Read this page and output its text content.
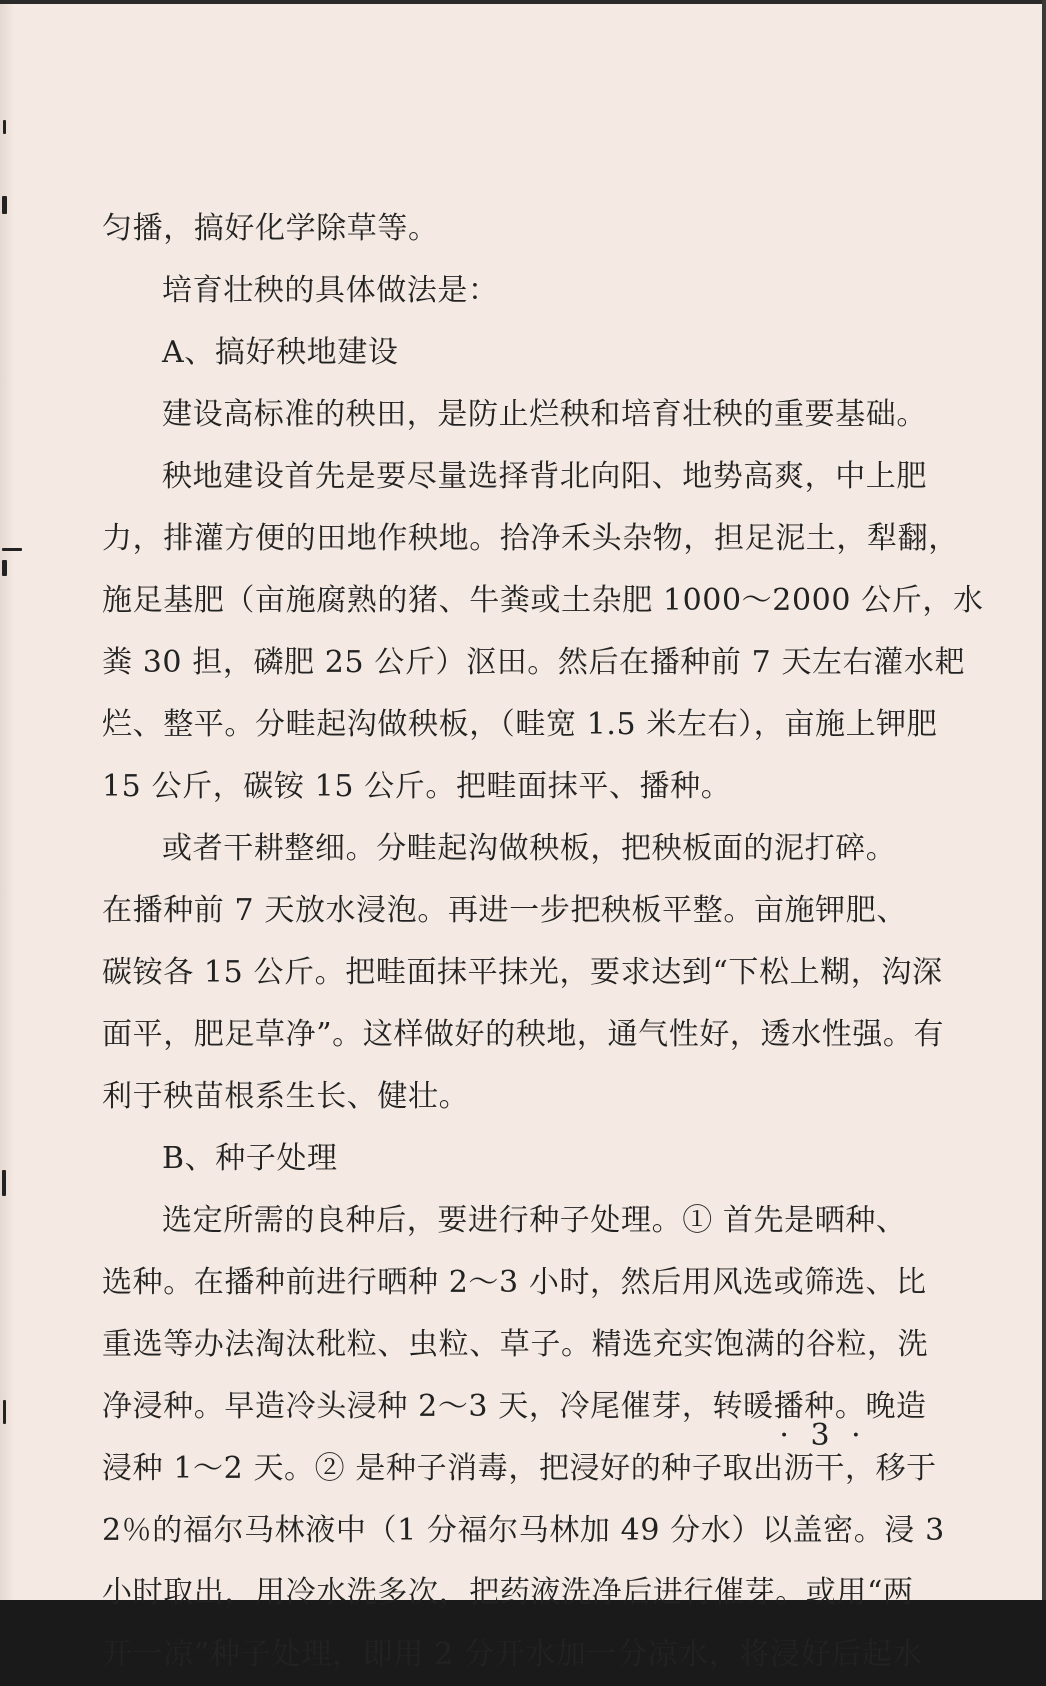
匀播，搞好化学除草等。
培育壮秧的具体做法是：
A、搞好秧地建设
建设高标准的秧田，是防止烂秧和培育壮秧的重要基础。
秧地建设首先是要尽量选择背北向阳、地势高爽，中上肥
力，排灌方便的田地作秧地。拾净禾头杂物，担足泥土，犁翻，
施足基肥（亩施腐熟的猪、牛粪或土杂肥 1000～2000 公斤，水
粪 30 担，磷肥 25 公斤）沤田。然后在播种前 7 天左右灌水耙
烂、整平。分畦起沟做秧板，（畦宽 1.5 米左右），亩施上钾肥
15 公斤，碳铵 15 公斤。把畦面抹平、播种。
或者干耕整细。分畦起沟做秧板，把秧板面的泥打碎。
在播种前 7 天放水浸泡。再进一步把秧板平整。亩施钾肥、
碳铵各 15 公斤。把畦面抹平抹光，要求达到“下松上糊，沟深
面平，肥足草净”。这样做好的秧地，通气性好，透水性强。有
利于秧苗根系生长、健壮。
B、种子处理
选定所需的良种后，要进行种子处理。① 首先是晒种、
选种。在播种前进行晒种 2～3 小时，然后用风选或筛选、比
重选等办法淘汰秕粒、虫粒、草子。精选充实饱满的谷粒，洗
净浸种。早造冷头浸种 2～3 天，冷尾催芽，转暖播种。晚造
浸种 1～2 天。② 是种子消毒，把浸好的种子取出沥干，移于
2％的福尔马林液中（1 分福尔马林加 49 分水）以盖密。浸 3
小时取出，用冷水洗多次，把药液洗净后进行催芽。或用“两
开一凉”种子处理，即用 2 分开水加一分凉水，将浸好后起水
· 3 ·
